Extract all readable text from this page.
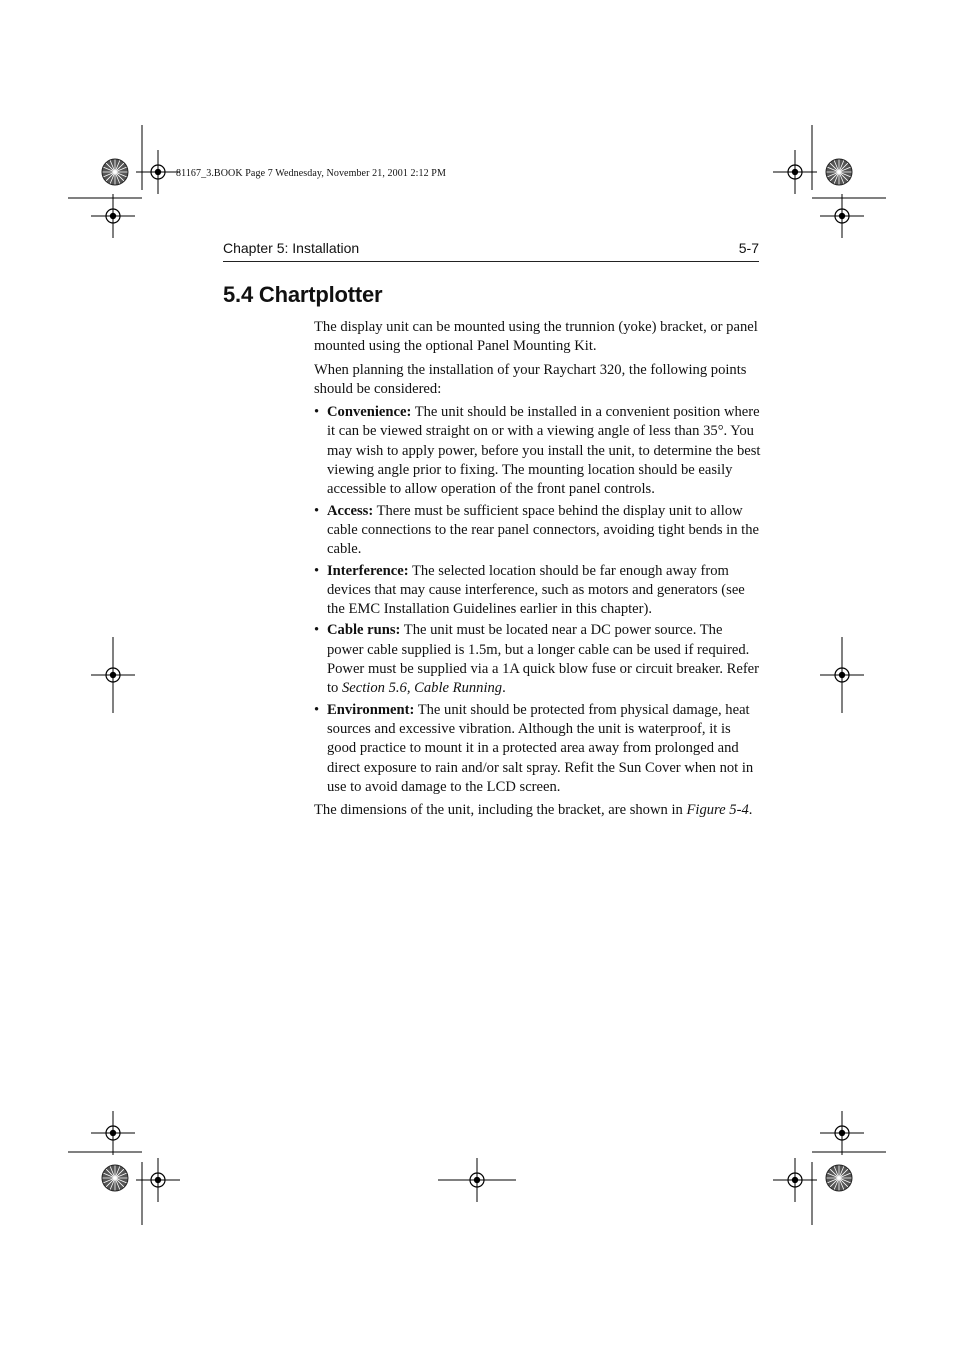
81167_3.BOOK Page 7 Wednesday, November 21, 2001 2:12 PM
Chapter 5: Installation	5-7
5.4 Chartplotter

The display unit can be mounted using the trunnion (yoke) bracket, or panel mounted using the optional Panel Mounting Kit.

When planning the installation of your Raychart 320, the following points should be considered:

• Convenience: The unit should be installed in a convenient position where it can be viewed straight on or with a viewing angle of less than 35°. You may wish to apply power, before you install the unit, to determine the best viewing angle prior to fixing. The mounting location should be easily accessible to allow operation of the front panel controls.
• Access: There must be sufficient space behind the display unit to allow cable connections to the rear panel connectors, avoiding tight bends in the cable.
• Interference: The selected location should be far enough away from devices that may cause interference, such as motors and generators (see the EMC Installation Guidelines earlier in this chapter).
• Cable runs: The unit must be located near a DC power source. The power cable supplied is 1.5m, but a longer cable can be used if required. Power must be supplied via a 1A quick blow fuse or circuit breaker. Refer to Section 5.6, Cable Running.
• Environment: The unit should be protected from physical damage, heat sources and excessive vibration. Although the unit is waterproof, it is good practice to mount it in a protected area away from prolonged and direct exposure to rain and/or salt spray. Refit the Sun Cover when not in use to avoid damage to the LCD screen.

The dimensions of the unit, including the bracket, are shown in Figure 5-4.
